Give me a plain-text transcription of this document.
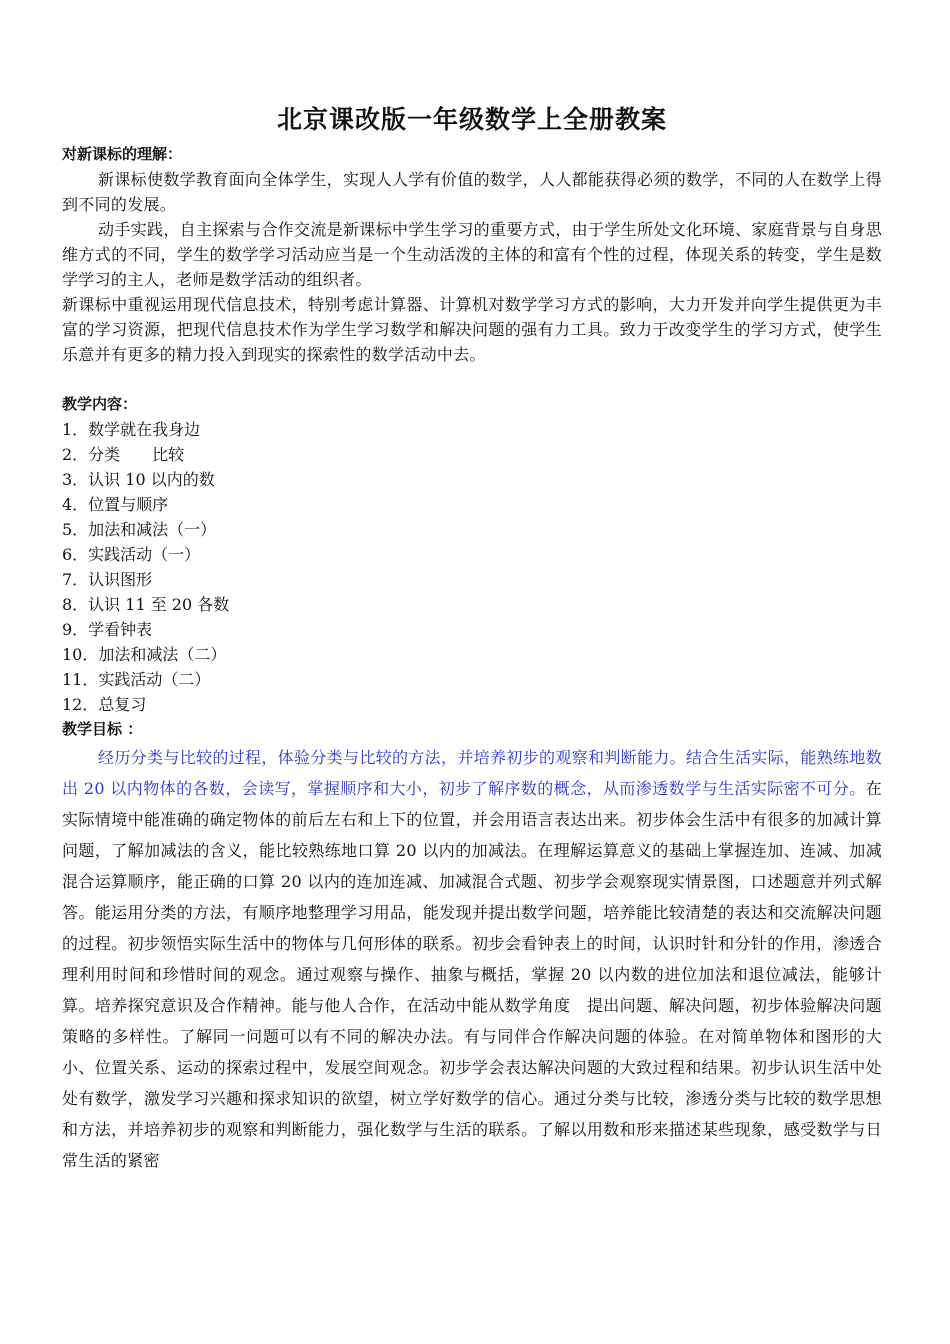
北京课改版一年级数学上全册教案

对新课标的理解：

新课标使数学教育面向全体学生，实现人人学有价值的数学，人人都能获得必须的数学，不同的人在数学上得到不同的发展。

动手实践，自主探索与合作交流是新课标中学生学习的重要方式，由于学生所处文化环境、家庭背景与自身思维方式的不同，学生的数学学习活动应当是一个生动活泼的主体的和富有个性的过程，体现关系的转变，学生是数学学习的主人，老师是数学活动的组织者。

新课标中重视运用现代信息技术，特别考虑计算器、计算机对数学学习方式的影响，大力开发并向学生提供更为丰富的学习资源，把现代信息技术作为学生学习数学和解决问题的强有力工具。致力于改变学生的学习方式，使学生乐意并有更多的精力投入到现实的探索性的数学活动中去。

教学内容：

1．数学就在我身边
2．分类　　比较
3．认识 10 以内的数
4．位置与顺序
5．加法和减法（一）
6．实践活动（一）
7．认识图形
8．认识 11 至 20 各数
9．学看钟表
10．加法和减法（二）
11．实践活动（二）
12．总复习

教学目标 ：

经历分类与比较的过程，体验分类与比较的方法，并培养初步的观察和判断能力。结合生活实际，能熟练地数出 20 以内物体的各数，会读写，掌握顺序和大小，初步了解序数的概念，从而渗透数学与生活实际密不可分。在实际情境中能准确的确定物体的前后左右和上下的位置，并会用语言表达出来。初步体会生活中有很多的加减计算问题，了解加减法的含义，能比较熟练地口算 20 以内的加减法。在理解运算意义的基础上掌握连加、连减、加减混合运算顺序，能正确的口算 20 以内的连加连减、加减混合式题、初步学会观察现实情景图，口述题意并列式解答。能运用分类的方法，有顺序地整理学习用品，能发现并提出数学问题，培养能比较清楚的表达和交流解决问题的过程。初步领悟实际生活中的物体与几何形体的联系。初步会看钟表上的时间，认识时针和分针的作用，渗透合理利用时间和珍惜时间的观念。通过观察与操作、抽象与概括，掌握 20 以内数的进位加法和退位减法，能够计算。培养探究意识及合作精神。能与他人合作，在活动中能从数学角度　提出问题、解决问题，初步体验解决问题策略的多样性。了解同一问题可以有不同的解决办法。有与同伴合作解决问题的体验。在对简单物体和图形的大小、位置关系、运动的探索过程中，发展空间观念。初步学会表达解决问题的大致过程和结果。初步认识生活中处处有数学，激发学习兴趣和探求知识的欲望，树立学好数学的信心。通过分类与比较，渗透分类与比较的数学思想和方法，并培养初步的观察和判断能力，强化数学与生活的联系。了解以用数和形来描述某些现象，感受数学与日常生活的紧密
